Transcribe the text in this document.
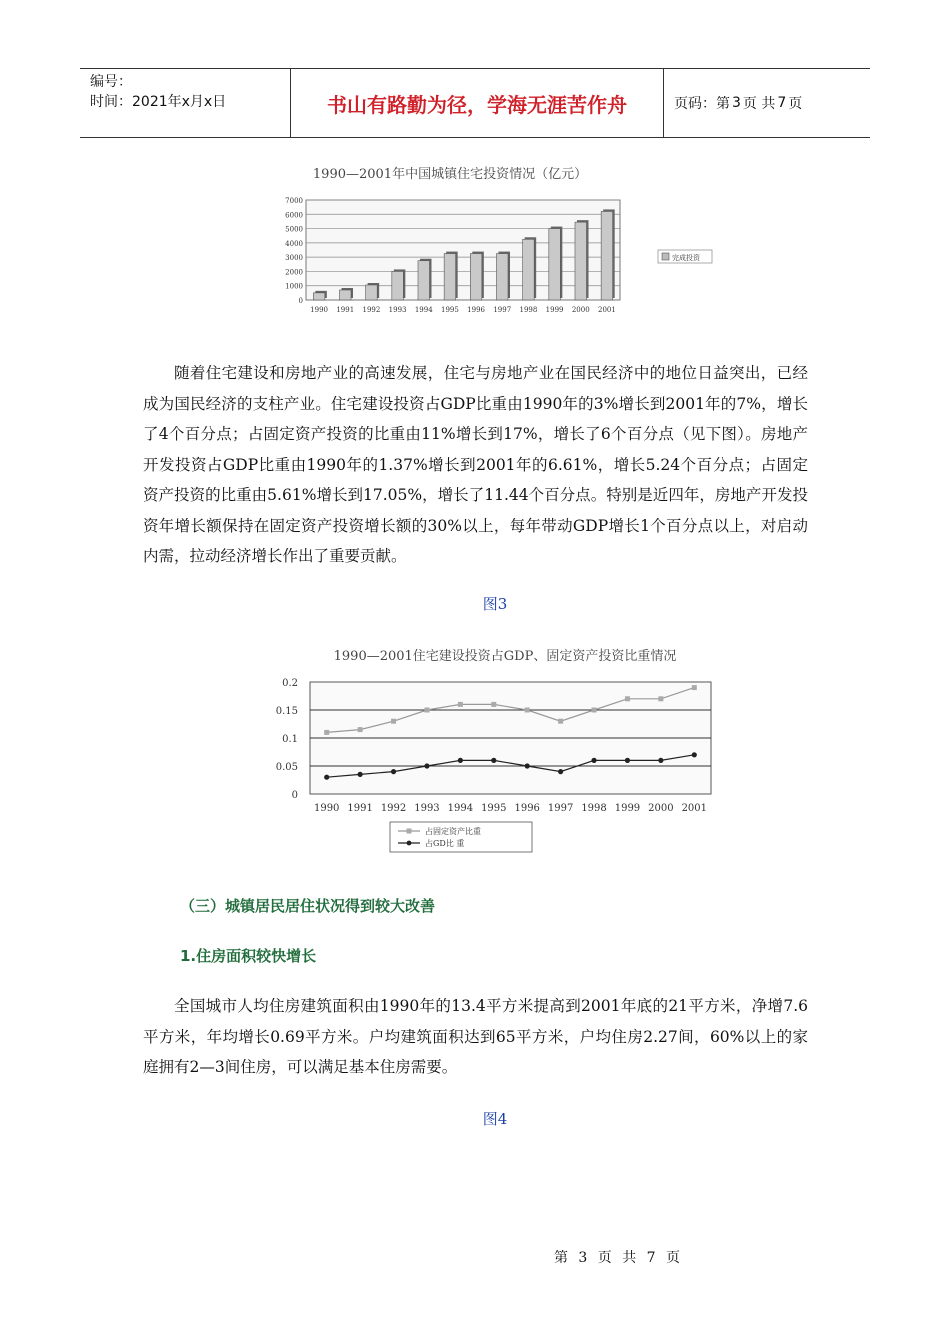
编号：
时间：2021年x月x日	书山有路勤为径，学海无涯苦作舟	页码：第 3 页 共 7 页
1990—2001年中国城镇住宅投资情况（亿元）
0
1000
2000
3000
4000
5000
6000
7000
1990 1991 1992 1993 1994 1995 1996 1997 1998 1999 2000 2001
完成投资

随着住宅建设和房地产业的高速发展，住宅与房地产业在国民经济中的地位日益突出，已经成为国民经济的支柱产业。住宅建设投资占GDP比重由1990年的3%增长到2001年的7%，增长了4个百分点；占固定资产投资的比重由11%增长到17%，增长了6个百分点（见下图）。房地产开发投资占GDP比重由1990年的1.37%增长到2001年的6.61%，增长5.24个百分点；占固定资产投资的比重由5.61%增长到17.05%，增长了11.44个百分点。特别是近四年，房地产开发投资年增长额保持在固定资产投资增长额的30%以上，每年带动GDP增长1个百分点以上，对启动内需，拉动经济增长作出了重要贡献。

图3
1990—2001住宅建设投资占GDP、固定资产投资比重情况
0
0.05
0.1
0.15
0.2
1990 1991 1992 1993 1994 1995 1996 1997 1998 1999 2000 2001
占固定资产比重
占GD比 重
（三）城镇居民居住状况得到较大改善
1.住房面积较快增长

全国城市人均住房建筑面积由1990年的13.4平方米提高到2001年底的21平方米，净增7.6平方米，年均增长0.69平方米。户均建筑面积达到65平方米，户均住房2.27间，60%以上的家庭拥有2—3间住房，可以满足基本住房需要。

图4
第 3 页 共 7 页
